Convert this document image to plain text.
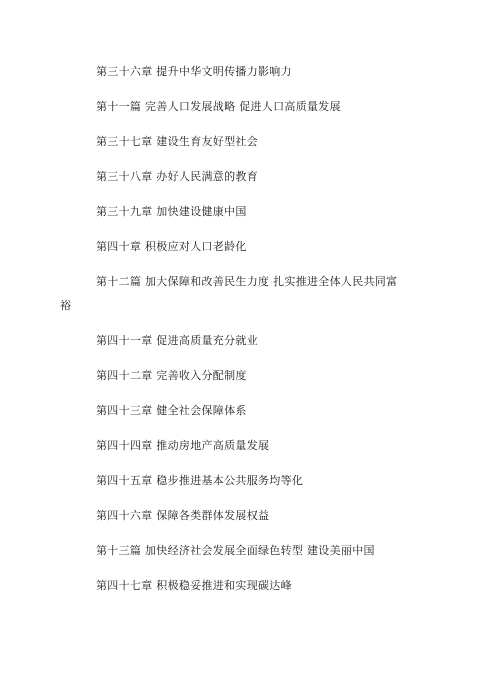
第三十六章 提升中华文明传播力影响力
第十一篇 完善人口发展战略 促进人口高质量发展
第三十七章 建设生育友好型社会
第三十八章 办好人民满意的教育
第三十九章 加快建设健康中国
第四十章 积极应对人口老龄化
第十二篇 加大保障和改善民生力度 扎实推进全体人民共同富
裕
第四十一章 促进高质量充分就业
第四十二章 完善收入分配制度
第四十三章 健全社会保障体系
第四十四章 推动房地产高质量发展
第四十五章 稳步推进基本公共服务均等化
第四十六章 保障各类群体发展权益
第十三篇 加快经济社会发展全面绿色转型 建设美丽中国
第四十七章 积极稳妥推进和实现碳达峰
